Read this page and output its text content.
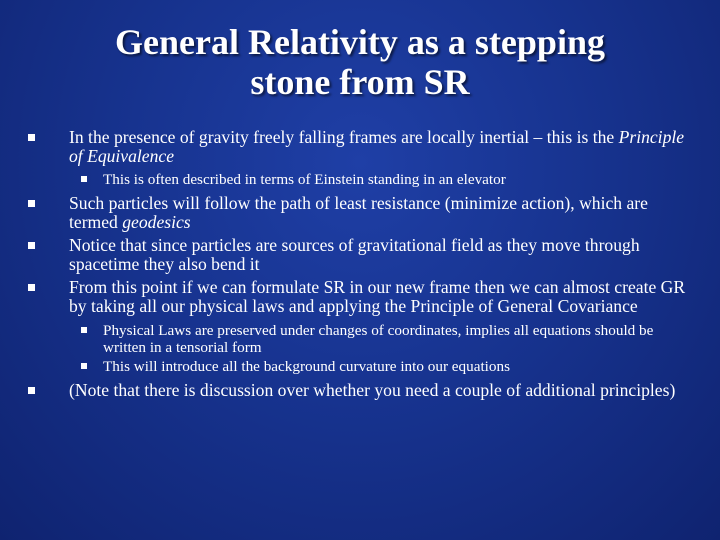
General Relativity as a stepping
stone from SR
In the presence of gravity freely falling frames are locally inertial – this is the Principle of Equivalence
This is often described in terms of Einstein standing in an elevator
Such particles will follow the path of least resistance (minimize action), which are termed geodesics
Notice that since particles are sources of gravitational field as they move through spacetime they also bend it
From this point if we can formulate SR in our new frame then we can almost create GR by taking all our physical laws and applying the Principle of General Covariance
Physical Laws are preserved under changes of coordinates, implies all equations should be written in a tensorial form
This will introduce all the background curvature into our equations
(Note that there is discussion over whether you need a couple of additional principles)
